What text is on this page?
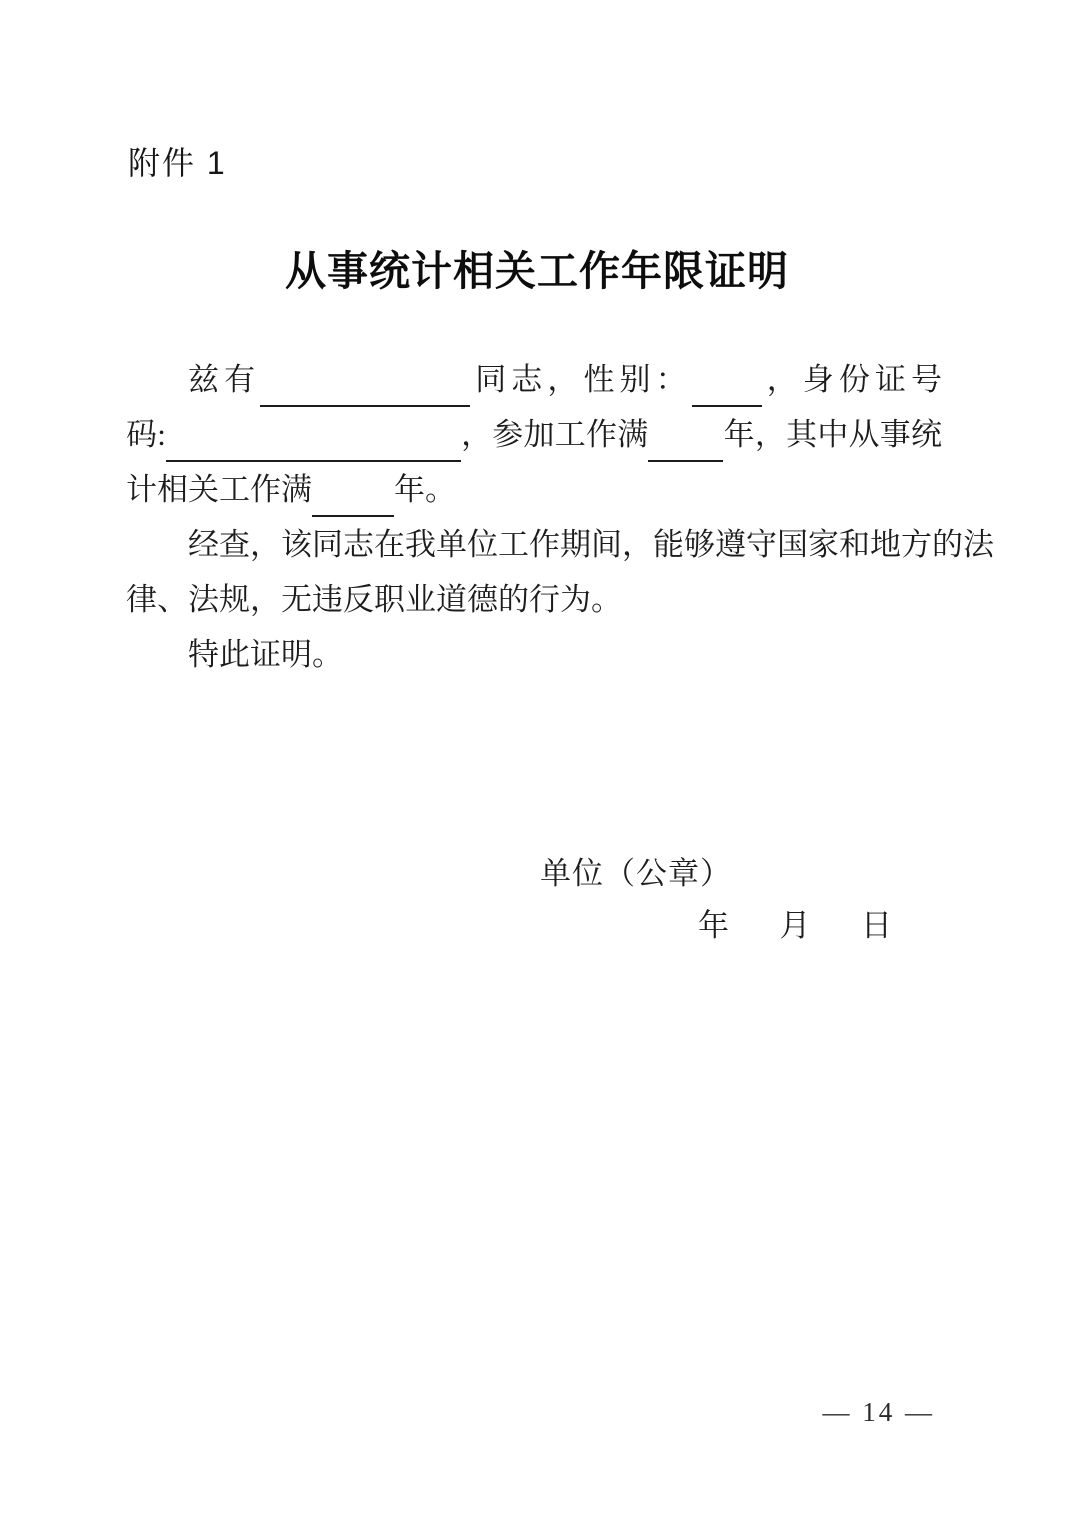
附件 1
从事统计相关工作年限证明
兹有	同志，性别： ，身份证号
码:	，参加工作满 年，其中从事统
计相关工作满	年。
经查，该同志在我单位工作期间，能够遵守国家和地方的法
律、法规，无违反职业道德的行为。
特此证明。
单位（公章）
年 月 日
— 14 —
